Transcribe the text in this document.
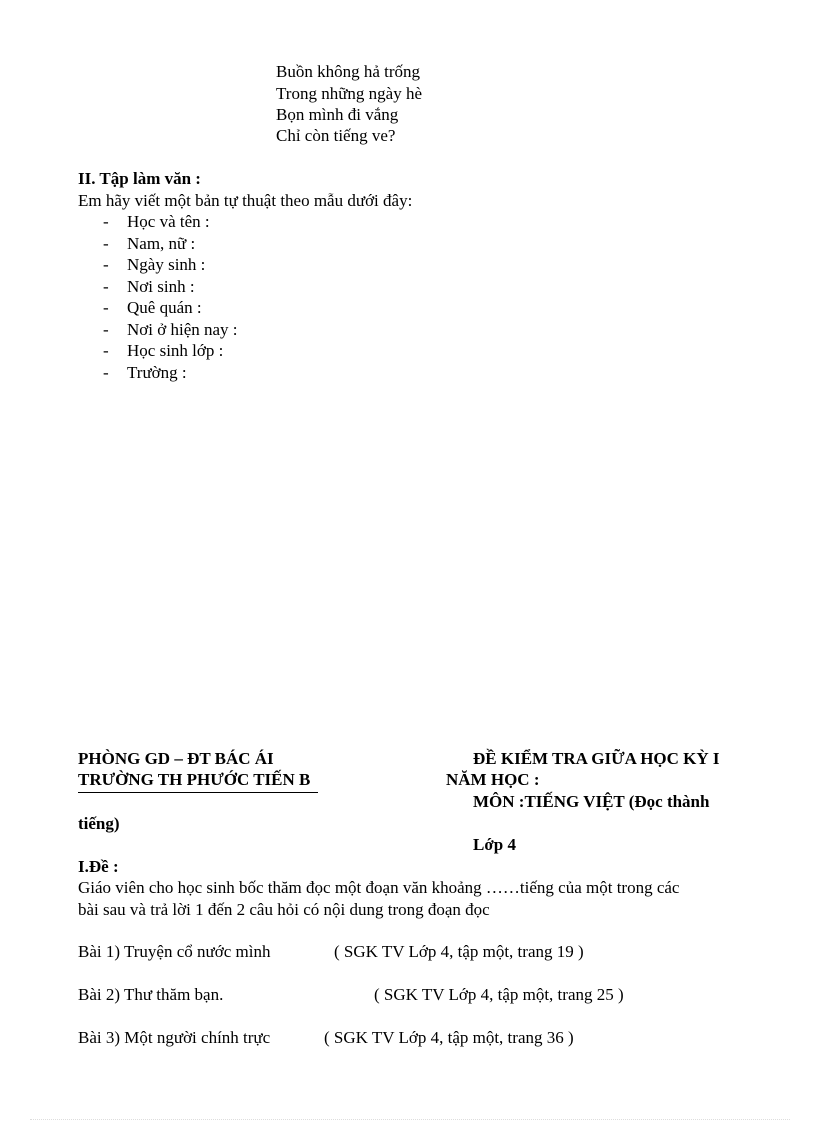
Buồn không hả trống
Trong những ngày hè
Bọn mình đi vắng
Chỉ còn tiếng ve?
II. Tập làm văn :
Em hãy viết một bản tự thuật theo mẫu dưới đây:
- Học và tên :
- Nam, nữ :
- Ngày sinh :
- Nơi sinh :
- Quê quán :
- Nơi ở hiện nay :
- Học sinh lớp :
- Trường :
PHÒNG GD – ĐT BÁC ÁI
TRƯỜNG TH PHƯỚC TIẾN B
ĐỀ KIỂM TRA GIỮA HỌC KỲ I
NĂM HỌC :
MÔN :TIẾNG VIỆT (Đọc thành
tiếng)
Lớp 4
I.Đề :
Giáo viên cho học sinh bốc thăm đọc một đoạn văn khoảng ……tiếng của một trong các
bài sau và trả lời 1 đến 2 câu hỏi có nội dung trong đoạn đọc
Bài 1) Truyện cổ nước mình	( SGK TV Lớp 4, tập một, trang 19 )
Bài 2) Thư thăm bạn.	( SGK TV Lớp 4, tập một, trang 25 )
Bài 3) Một người chính trực	( SGK TV Lớp 4, tập một, trang 36 )
